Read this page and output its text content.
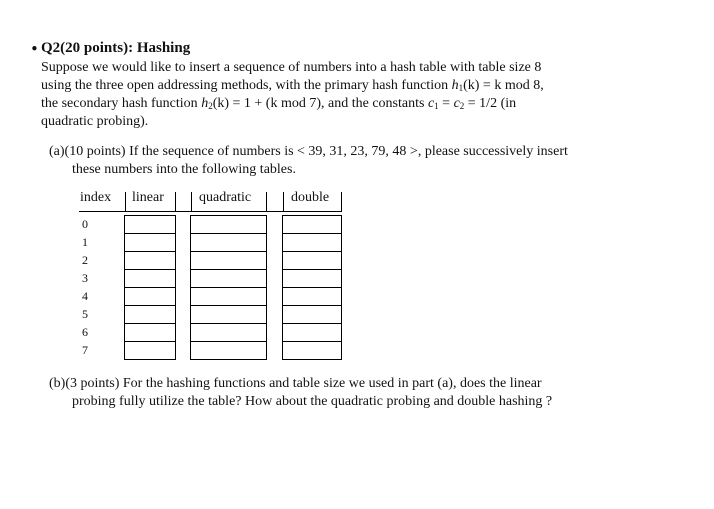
• Q2(20 points): Hashing
Suppose we would like to insert a sequence of numbers into a hash table with table size 8
using the three open addressing methods, with the primary hash function $h_1(k) = k$ mod 8,
the secondary hash function $h_2(k) = 1 + (k$ mod 7), and the constants $c_1 = c_2 = 1/2$ (in
quadratic probing).
(a)(10 points) If the sequence of numbers is < 39, 31, 23, 79, 48 >, please successively insert
these numbers into the following tables.
index linear	quadratic	double
0
1
2
3
4
5
6
7
(b)(3 points) For the hashing functions and table size we used in part (a), does the linear
probing fully utilize the table? How about the quadratic probing and double hashing ?
